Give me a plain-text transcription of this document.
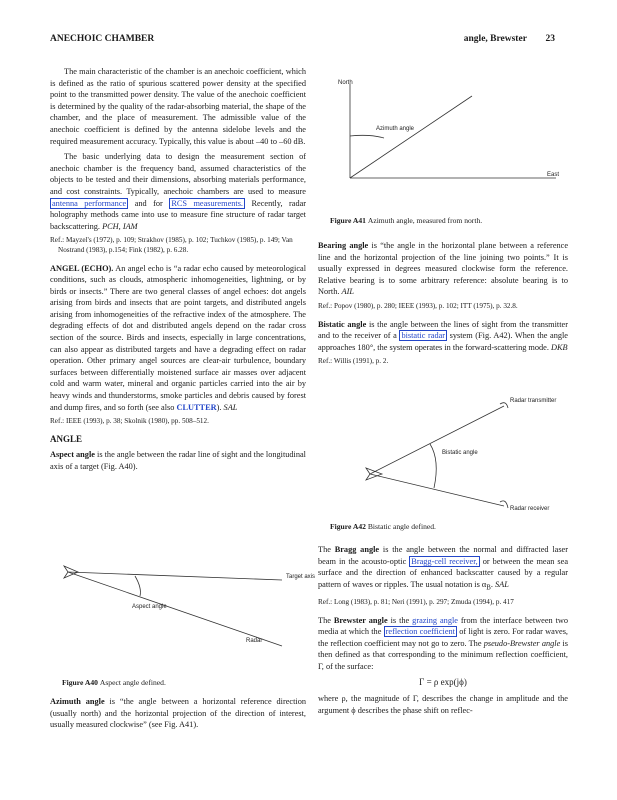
ANECHOIC CHAMBER	angle, Brewster 23

The main characteristic of the chamber is an anechoic coefficient, which is defined as the ratio of spurious scattered power density at the specified point to the transmitted power density. The value of the anechoic coefficient is determined by the quality of the radar-absorbing material, the shape of the chamber, and the place of measurement. The admissible value of the anechoic coefficient is defined by the antenna sidelobe levels and the required measurement accuracy. Typically, this value is about –40 to –60 dB.

The basic underlying data to design the measurement section of anechoic chamber is the frequency band, assumed characteristics of the objects to be tested and their dimensions, absorbing materials performance, and cost constraints. Typically, anechoic chambers are used to measure antenna performance and for RCS measurements. Recently, radar holography methods came into use to measure fine structure of radar target backscattering. PCH, IAM

Ref.: Mayzel's (1972), p. 109; Strakhov (1985), p. 102; Tuchkov (1985), p. 149; Van Nostrand (1983), p.154; Fink (1982), p. 6.28.

ANGEL (ECHO). An angel echo is “a radar echo caused by meteorological conditions, such as clouds, atmospheric inhomogeneities, lightning, or by birds or insects.” There are two general classes of angel echoes: dot angels arising from birds and insects that are point targets, and distributed angels arising from inhomogeneities of the refractive index of the atmosphere. The degrading effects of dot and distributed angels depend on the radar cross section of the source. Birds and insects, especially in large concentrations, can also appear as distributed targets and have a degrading effect on radar operation. Other primary angel sources are clear-air turbulence, boundary surfaces between differentially moistened surface air masses over adjacent cold and warm water, mineral and organic particles carried into the air by heavy winds and thunderstorms, smoke particles and debris caused by forest and dump fires, and so forth (see also CLUTTER). SAL

Ref.: IEEE (1993), p. 38; Skolnik (1980), pp. 508–512.

ANGLE

Aspect angle is the angle between the radar line of sight and the longitudinal axis of a target (Fig. A40).

Target axis
Aspect angle
Radar
Figure A40 Aspect angle defined.

Azimuth angle is “the angle between a horizontal reference direction (usually north) and the horizontal projection of the direction of interest, usually measured clockwise” (see Fig. A41).

North
Azimuth angle
East
Figure A41 Azimuth angle, measured from north.

Bearing angle is “the angle in the horizontal plane between a reference line and the horizontal projection of the line joining two points.” It is usually expressed in degrees measured clockwise form the reference. Relative bearing is to some arbitrary reference: absolute bearing is to North. AIL

Ref.: Popov (1980), p. 280; IEEE (1993), p. 102; ITT (1975), p. 32.8.

Bistatic angle is the angle between the lines of sight from the transmitter and to the receiver of a bistatic radar system (Fig. A42). When the angle approaches 180°, the system operates in the forward-scattering mode. DKB

Ref.: Willis (1991), p. 2.

Radar transmitter
Bistatic angle
Radar receiver
Figure A42 Bistatic angle defined.

The Bragg angle is the angle between the normal and diffracted laser beam in the acousto-optic Bragg-cell receiver, or between the mean sea surface and the direction of enhanced backscatter caused by a regular pattern of waves or ripples. The usual notation is $\alpha_B$. SAL

Ref.: Long (1983), p. 81; Neri (1991), p. 297; Zmuda (1994), p. 417

The Brewster angle is the grazing angle from the interface between two media at which the reflection coefficient of light is zero. For radar waves, the reflection coefficient may not go to zero. The pseudo-Brewster angle is then defined as that corresponding to the minimum reflection coefficient, Γ, of the surface:

Γ = ρ exp(jϕ)

where ρ, the magnitude of Γ, describes the change in amplitude and the argument ϕ describes the phase shift on reflec-
